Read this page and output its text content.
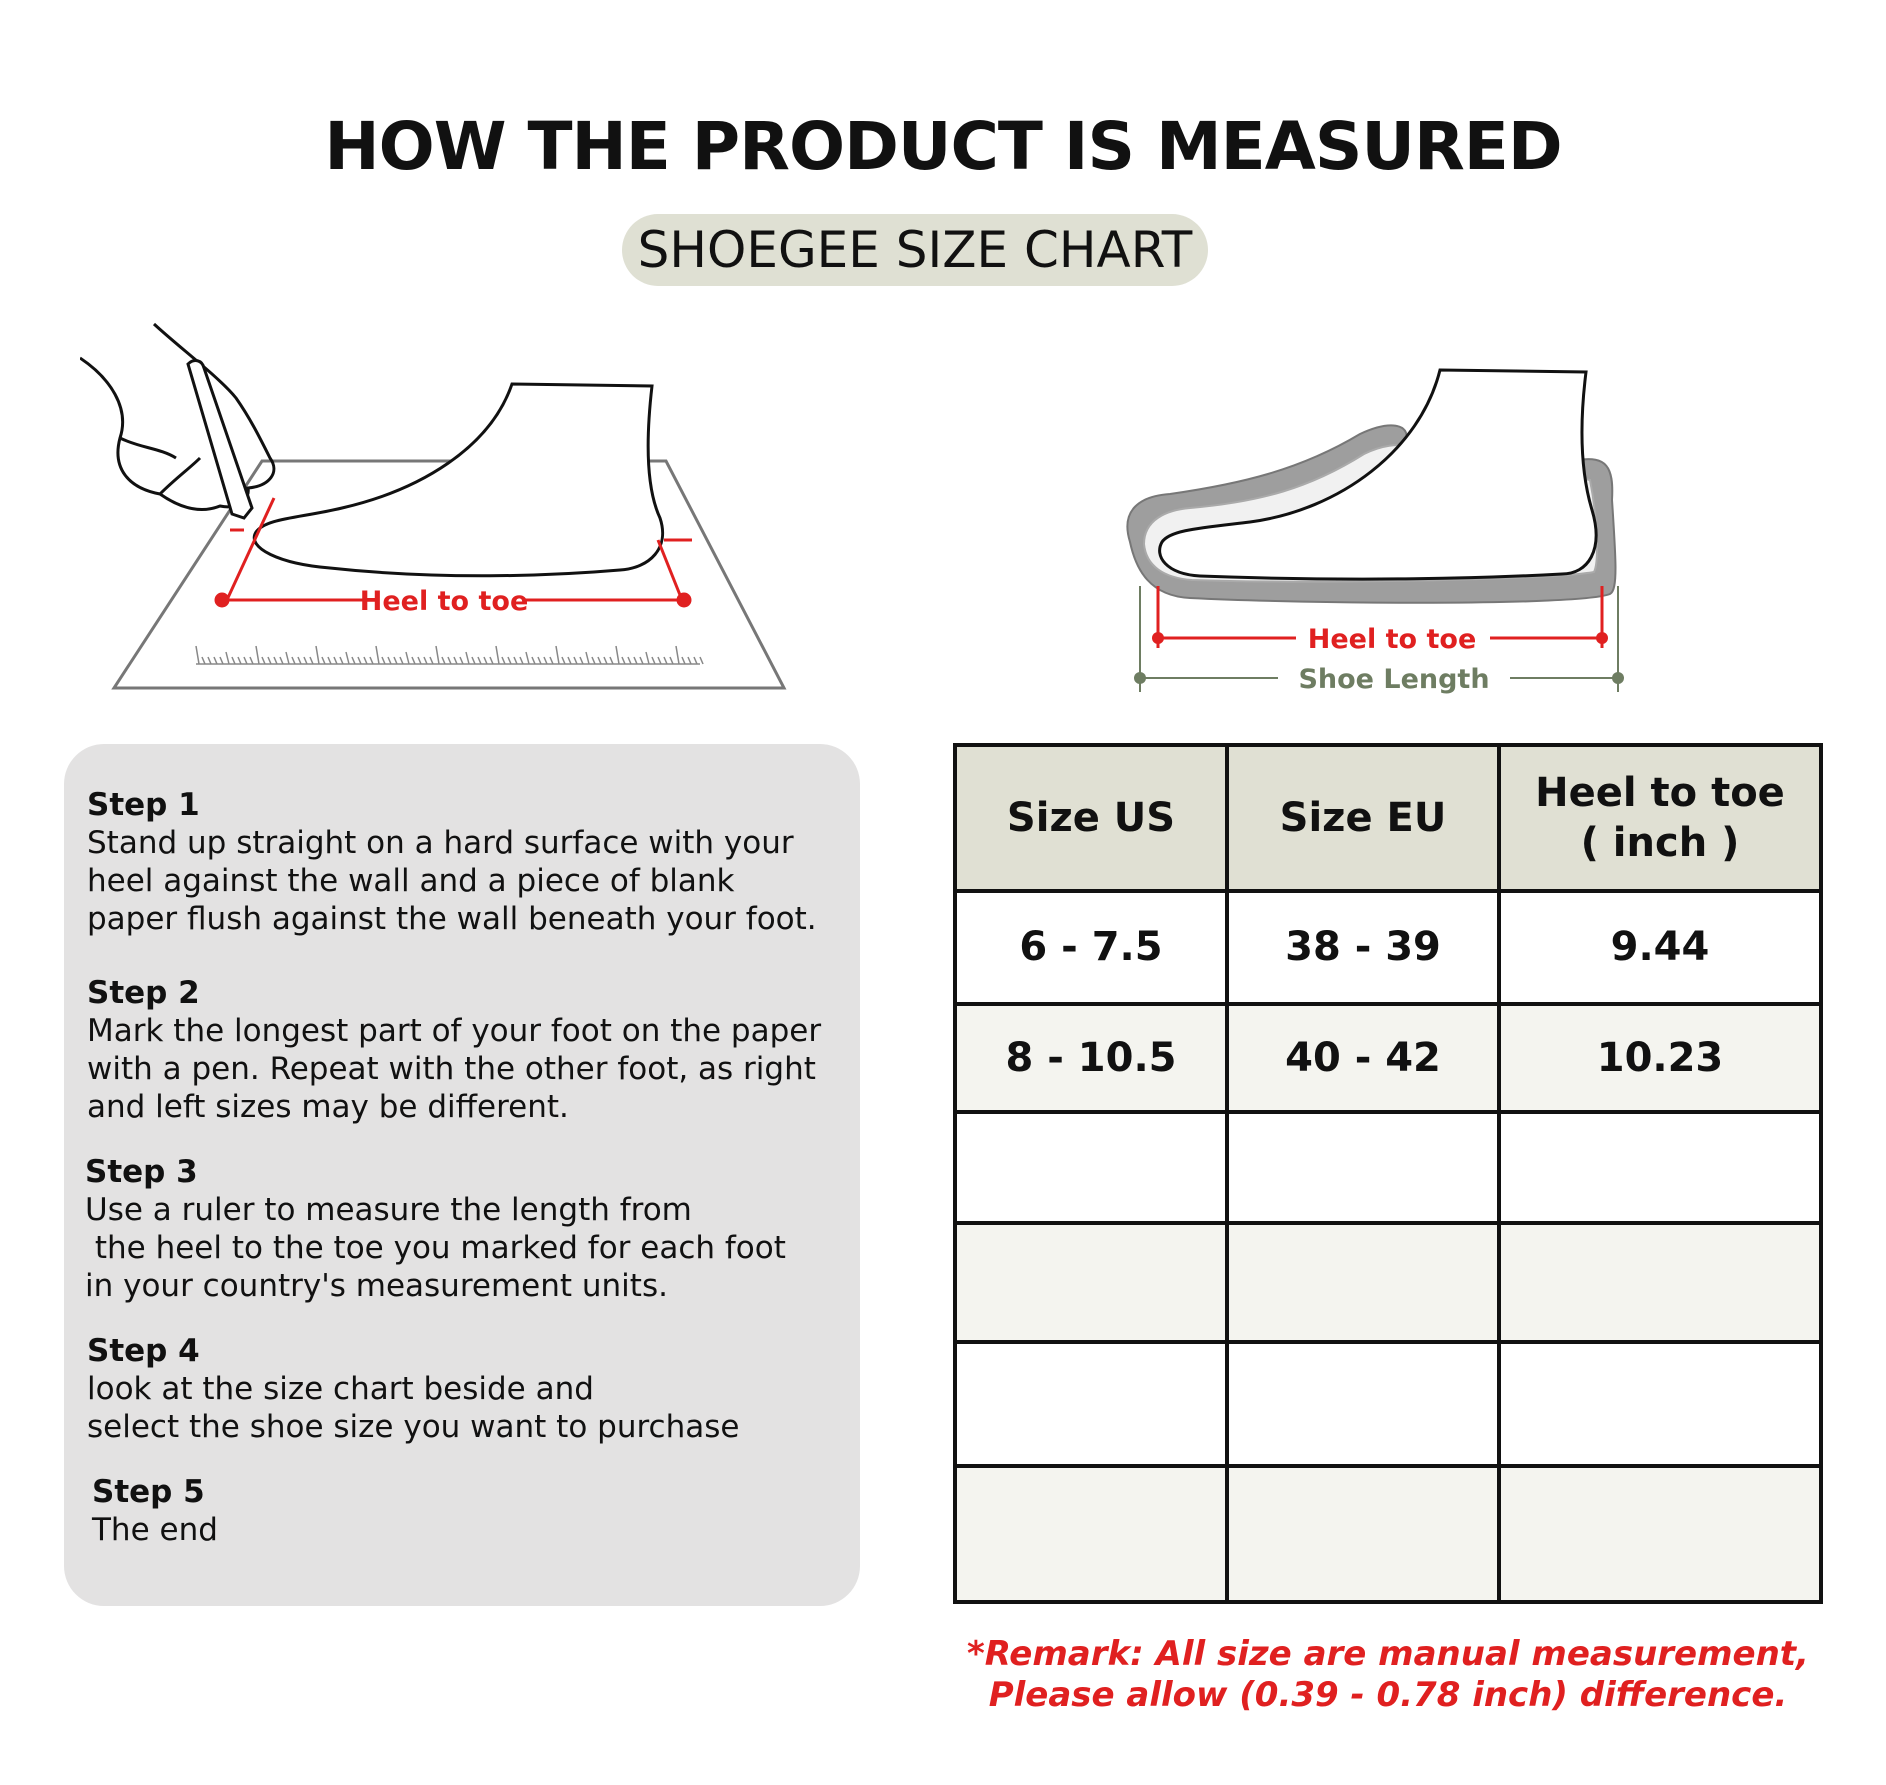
HOW THE PRODUCT IS MEASURED
SHOEGEE SIZE CHART
Heel to toe
Heel to toe
Shoe Length
Step 1
Stand up straight on a hard surface with your
heel against the wall and a piece of blank
paper flush against the wall beneath your foot.
Step 2
Mark the longest part of your foot on the paper
with a pen. Repeat with the other foot, as right
and left sizes may be different.
Step 3
Use a ruler to measure the length from
the heel to the toe you marked for each foot
in your country's measurement units.
Step 4
look at the size chart beside and
select the shoe size you want to purchase
Step 5
The end
Size US	Size EU	Heel to toe
( inch )
6 - 7.5	38 - 39	9.44
8 - 10.5	40 - 42	10.23

*Remark: All size are manual measurement,
Please allow (0.39 - 0.78 inch) difference.
